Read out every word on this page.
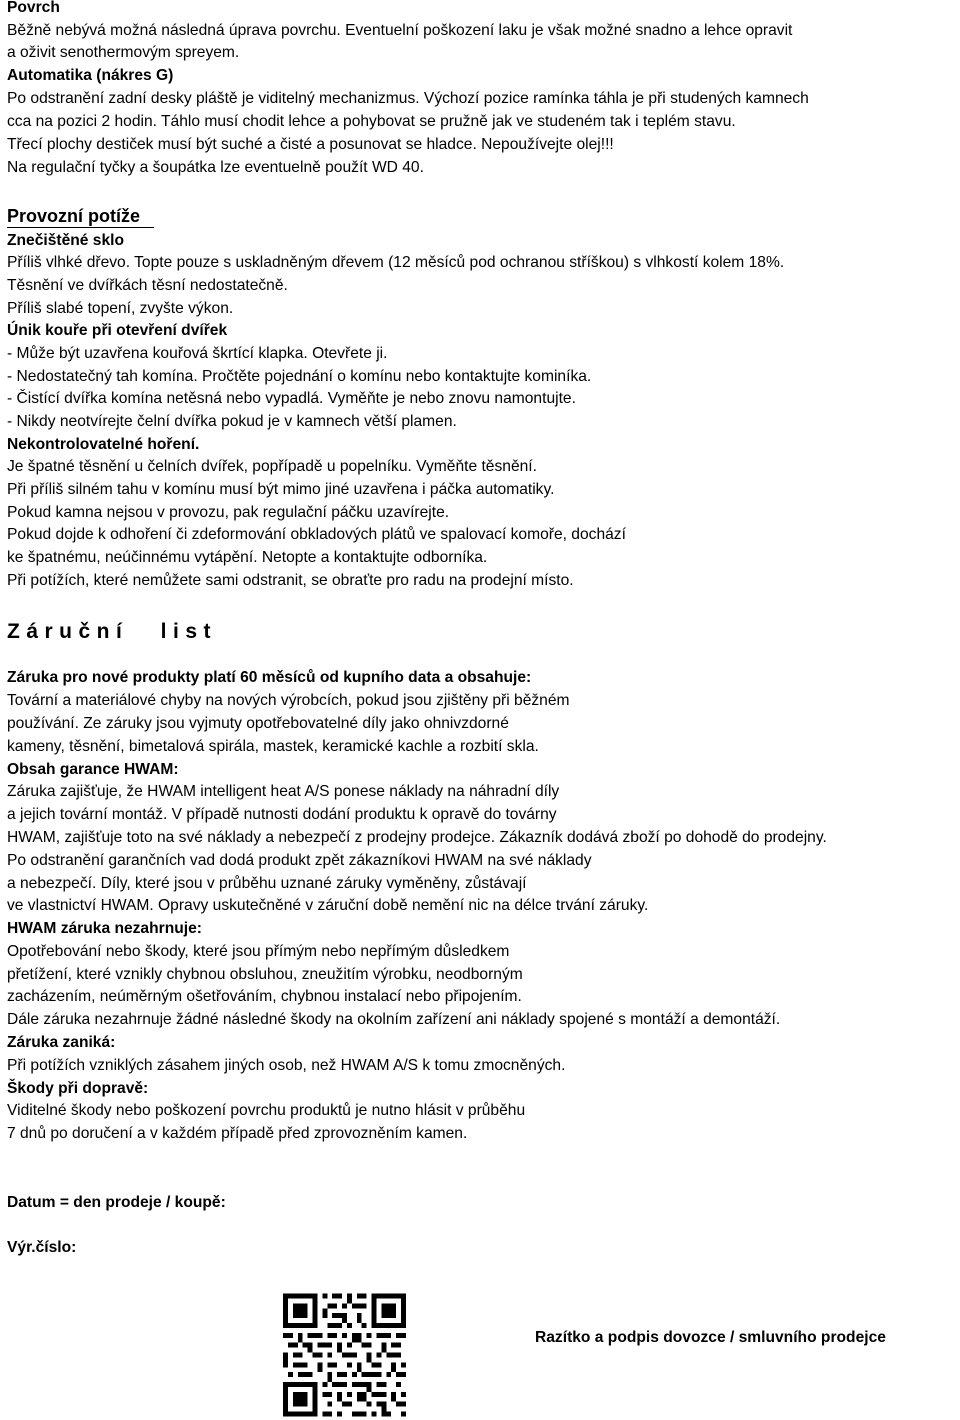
Povrch
Běžně nebývá možná následná úprava povrchu. Eventuelní poškození laku je však možné snadno a lehce opravit
a oživit senothermovým spreyem.
Automatika (nákres G)
Po odstranění zadní desky pláště je viditelný mechanizmus. Výchozí pozice ramínka táhla je při studených kamnech
cca na pozici 2 hodin. Táhlo musí chodit lehce a pohybovat se pružně jak ve studeném tak i teplém stavu.
Třecí plochy destiček musí být suché a čisté a posunovat se hladce. Nepoužívejte olej!!!
Na regulační tyčky a šoupátka lze eventuelně použít WD 40.
Provozní potíže
Znečištěné sklo
Příliš vlhké dřevo. Topte pouze s uskladněným dřevem (12 měsíců pod ochranou stříškou) s vlhkostí kolem 18%.
Těsnění ve dvířkách těsní nedostatečně.
Příliš slabé topení, zvyšte výkon.
Únik kouře při otevření dvířek
- Může být uzavřena kouřová škrtící klapka. Otevřete ji.
- Nedostatečný tah komína. Pročtěte pojednání o komínu nebo kontaktujte kominíka.
- Čistící dvířka komína netěsná nebo vypadlá. Vyměňte je nebo znovu namontujte.
- Nikdy neotvírejte čelní dvířka pokud je v kamnech větší plamen.
Nekontrolovatelné hoření.
Je špatné těsnění u čelních dvířek, popřípadě u popelníku. Vyměňte těsnění.
Při příliš silném tahu v komínu musí být mimo jiné uzavřena i páčka automatiky.
Pokud kamna nejsou v provozu, pak regulační páčku uzavírejte.
Pokud dojde k odhoření či zdeformování obkladových plátů ve spalovací komoře, dochází
ke špatnému, neúčinnému vytápění. Netopte a kontaktujte odborníka.
Při potížích, které nemůžete sami odstranit, se obraťte pro radu na prodejní místo.
Záruční list
Záruka pro nové produkty platí 60 měsíců od kupního data a obsahuje:
Tovární a materiálové chyby na nových výrobcích, pokud jsou zjištěny při běžném
používání. Ze záruky jsou vyjmuty opotřebovatelné díly jako ohnivzdorné
kameny, těsnění, bimetalová spirála, mastek, keramické kachle a rozbití skla.
Obsah garance HWAM:
Záruka zajišťuje, že HWAM intelligent heat A/S ponese náklady na náhradní díly
a jejich tovární montáž. V případě nutnosti dodání produktu k opravě do továrny
HWAM, zajišťuje toto na své náklady a nebezpečí z prodejny prodejce. Zákazník dodává zboží po dohodě do prodejny.
Po odstranění garančních vad dodá produkt zpět zákazníkovi HWAM na své náklady
a nebezpečí. Díly, které jsou v průběhu uznané záruky vyměněny, zůstávají
ve vlastnictví HWAM. Opravy uskutečněné v záruční době nemění nic na délce trvání záruky.
HWAM záruka nezahrnuje:
Opotřebování nebo škody, které jsou přímým nebo nepřímým důsledkem
přetížení, které vznikly chybnou obsluhou, zneužitím výrobku, neodborným
zacházením, neúměrným ošetřováním, chybnou instalací nebo připojením.
Dále záruka nezahrnuje žádné následné škody na okolním zařízení ani náklady spojené s montáží a demontáží.
Záruka zaniká:
Při potížích vzniklých zásahem jiných osob, než HWAM A/S k tomu zmocněných.
Škody při dopravě:
Viditelné škody nebo poškození povrchu produktů je nutno hlásit v průběhu
7 dnů po doručení a v každém případě před zprovozněním kamen.
Datum = den prodeje / koupě:
Výr.číslo:
Razítko a podpis dovozce / smluvního prodejce
